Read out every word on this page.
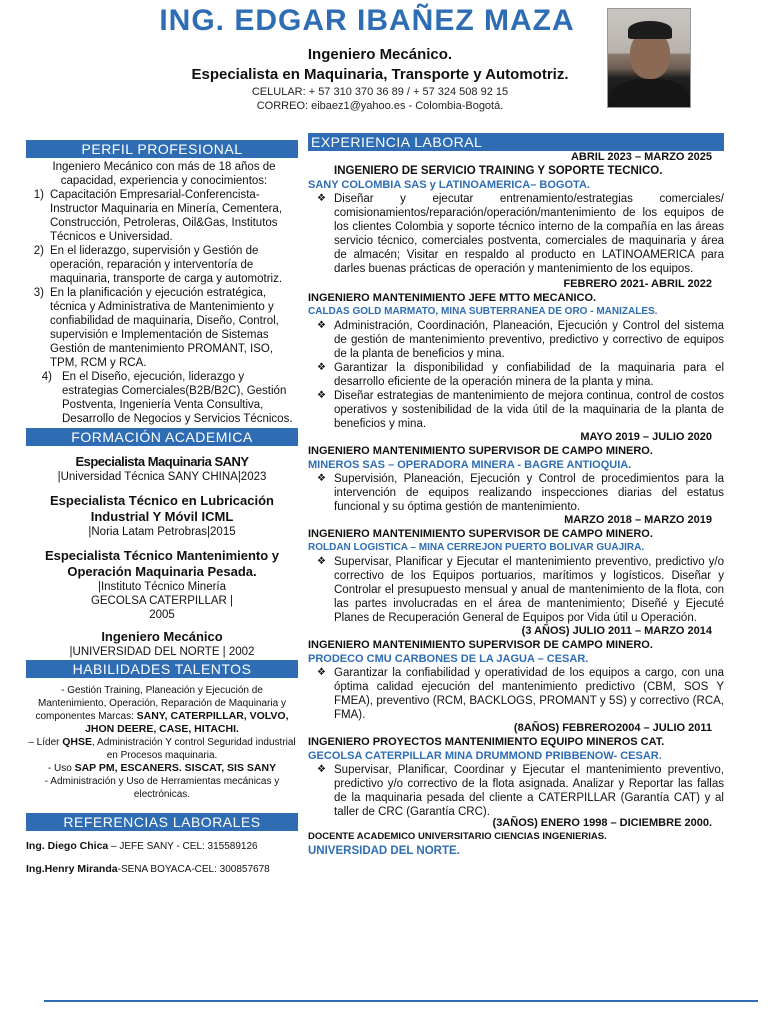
ING. EDGAR IBAÑEZ MAZA
Ingeniero Mecánico.
Especialista en Maquinaria, Transporte y Automotriz.
CELULAR: + 57 310 370 36 89 / + 57 324 508 92 15
CORREO: eibaez1@yahoo.es - Colombia-Bogotá.
PERFIL PROFESIONAL
Ingeniero Mecánico con más de 18 años de capacidad, experiencia y conocimientos:
1) Capacitación Empresarial-Conferencista-Instructor Maquinaria en Minería, Cementera, Construcción, Petroleras, Oil&Gas, Institutos Técnicos e Universidad.
2) En el liderazgo, supervisión y Gestión de operación, reparación y interventoría de maquinaria, transporte de carga y automotriz.
3) En la planificación y ejecución estratégica, técnica y Administrativa de Mantenimiento y confiabilidad de maquinaria, Diseño, Control, supervisión e Implementación de Sistemas Gestión de mantenimiento PROMANT, ISO, TPM, RCM y RCA.
4) En el Diseño, ejecución, liderazgo y estrategias Comerciales(B2B/B2C), Gestión Postventa, Ingeniería Venta Consultiva, Desarrollo de Negocios y Servicios Técnicos.
FORMACIÓN ACADEMICA
Especialista Maquinaria SANY
|Universidad Técnica SANY CHINA|2023
Especialista Técnico en Lubricación Industrial Y Móvil ICML
|Noria Latam Petrobras|2015
Especialista Técnico Mantenimiento y Operación Maquinaria Pesada.
|Instituto Técnico Minería GECOLSA CATERPILLAR | 2005
Ingeniero Mecánico
|UNIVERSIDAD DEL NORTE | 2002
HABILIDADES TALENTOS
- Gestión Training, Planeación y Ejecución de Mantenimiento, Operación, Reparación de Maquinaria y componentes Marcas: SANY, CATERPILLAR, VOLVO, JHON DEERE, CASE, HITACHI.
– Líder QHSE, Administración Y control Seguridad industrial en Procesos maquinaria.
- Uso SAP PM, ESCANERS. SISCAT, SIS SANY
- Administración y Uso de Herramientas mecánicas y electrónicas.
REFERENCIAS LABORALES
Ing. Diego Chica – JEFE SANY - CEL: 315589126
Ing.Henry Miranda-SENA BOYACA-CEL: 300857678
EXPERIENCIA LABORAL
ABRIL 2023 – MARZO 2025
INGENIERO DE SERVICIO TRAINING Y SOPORTE TECNICO.
SANY COLOMBIA SAS y LATINOAMERICA– BOGOTA.
❖ Diseñar y ejecutar entrenamiento/estrategias comerciales/ comisionamientos/reparación/operación/mantenimiento de los equipos de los clientes Colombia y soporte técnico interno de la compañía en las áreas servicio técnico, comerciales postventa, comerciales de maquinaria y área de almacén; Visitar en respaldo al producto en LATINOAMERICA para darles buenas prácticas de operación y mantenimiento de los equipos.
FEBRERO 2021- ABRIL 2022
INGENIERO MANTENIMIENTO JEFE MTTO MECANICO.
CALDAS GOLD MARMATO, MINA SUBTERRANEA DE ORO - MANIZALES.
❖ Administración, Coordinación, Planeación, Ejecución y Control del sistema de gestión de mantenimiento preventivo, predictivo y correctivo de equipos de la planta de beneficios y mina.
❖ Garantizar la disponibilidad y confiabilidad de la maquinaria para el desarrollo eficiente de la operación minera de la planta y mina.
❖ Diseñar estrategias de mantenimiento de mejora continua, control de costos operativos y sostenibilidad de la vida útil de la maquinaria de la planta de beneficios y mina.
MAYO 2019 – JULIO 2020
INGENIERO MANTENIMIENTO SUPERVISOR DE CAMPO MINERO.
MINEROS SAS – OPERADORA MINERA - BAGRE ANTIOQUIA.
❖ Supervisión, Planeación, Ejecución y Control de procedimientos para la intervención de equipos realizando inspecciones diarias del estatus funcional y su óptima gestión de mantenimiento.
MARZO 2018 – MARZO 2019
INGENIERO MANTENIMIENTO SUPERVISOR DE CAMPO MINERO.
ROLDAN LOGISTICA – MINA CERREJON PUERTO BOLIVAR GUAJIRA.
❖ Supervisar, Planificar y Ejecutar el mantenimiento preventivo, predictivo y/o correctivo de los Equipos portuarios, marítimos y logísticos. Diseñar y Controlar el presupuesto mensual y anual de mantenimiento de la flota, con las partes involucradas en el área de mantenimiento; Diseñé y Ejecuté Planes de Recuperación General de Equipos por Vida útil u Operación.
(3 AÑOS) JULIO 2011 – MARZO 2014
INGENIERO MANTENIMIENTO SUPERVISOR DE CAMPO MINERO.
PRODECO CMU CARBONES DE LA JAGUA – CESAR.
❖ Garantizar la confiabilidad y operatividad de los equipos a cargo, con una óptima calidad ejecución del mantenimiento predictivo (CBM, SOS Y FMEA), preventivo (RCM, BACKLOGS, PROMANT y 5S) y correctivo (RCA, FMA).
(8AÑOS) FEBRERO2004 – JULIO 2011
INGENIERO PROYECTOS MANTENIMIENTO EQUIPO MINEROS CAT.
GECOLSA CATERPILLAR MINA DRUMMOND PRIBBENOW- CESAR.
❖ Supervisar, Planificar, Coordinar y Ejecutar el mantenimiento preventivo, predictivo y/o correctivo de la flota asignada. Analizar y Reportar las fallas de la maquinaria pesada del cliente a CATERPILLAR (Garantía CAT) y al taller de CRC (Garantía CRC).
(3AÑOS) ENERO 1998 – DICIEMBRE 2000.
DOCENTE ACADEMICO UNIVERSITARIO CIENCIAS INGENIERIAS.
UNIVERSIDAD DEL NORTE.
